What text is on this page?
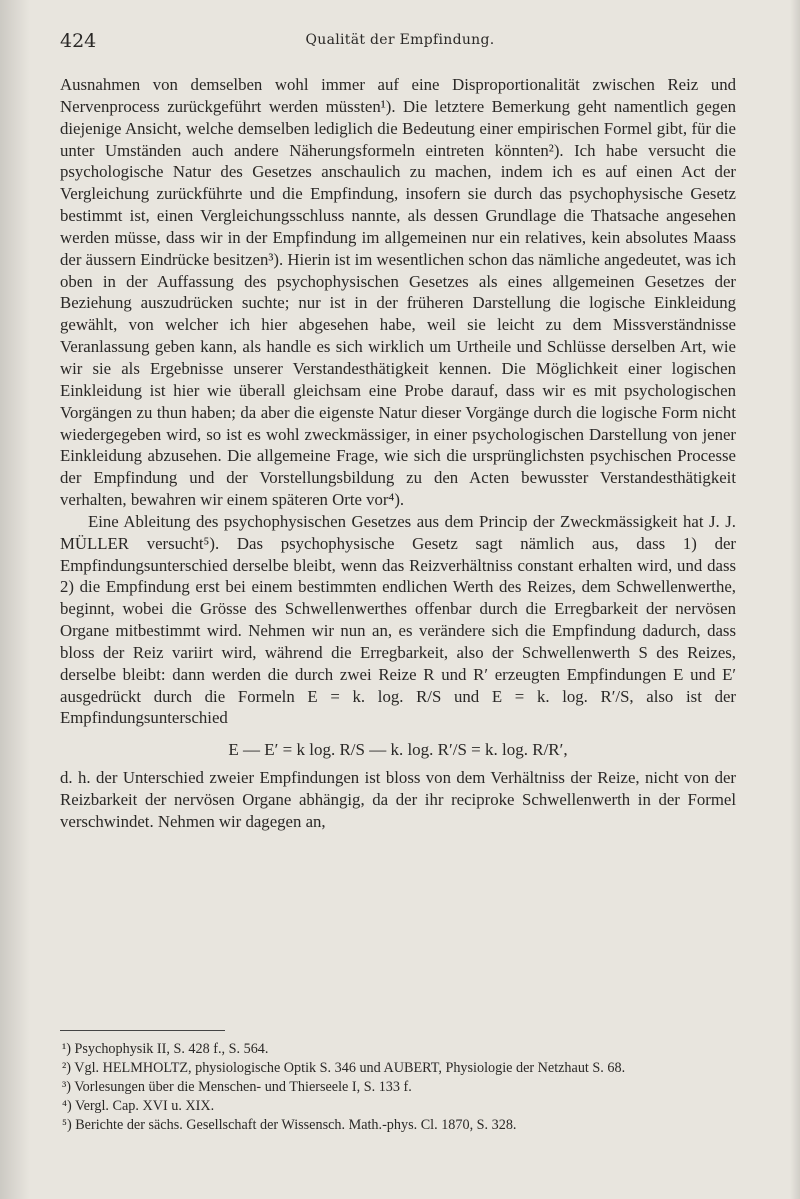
424	Qualität der Empfindung.

Ausnahmen von demselben wohl immer auf eine Disproportionalität zwischen Reiz und Nervenprocess zurückgeführt werden müssten¹). Die letztere Bemerkung geht namentlich gegen diejenige Ansicht, welche demselben lediglich die Bedeutung einer empirischen Formel gibt, für die unter Umständen auch andere Näherungsformeln eintreten könnten²). Ich habe versucht die psychologische Natur des Gesetzes anschaulich zu machen, indem ich es auf einen Act der Vergleichung zurückführte und die Empfindung, insofern sie durch das psychophysische Gesetz bestimmt ist, einen Vergleichungsschluss nannte, als dessen Grundlage die Thatsache angesehen werden müsse, dass wir in der Empfindung im allgemeinen nur ein relatives, kein absolutes Maass der äussern Eindrücke besitzen³). Hierin ist im wesentlichen schon das nämliche angedeutet, was ich oben in der Auffassung des psychophysischen Gesetzes als eines allgemeinen Gesetzes der Beziehung auszudrücken suchte; nur ist in der früheren Darstellung die logische Einkleidung gewählt, von welcher ich hier abgesehen habe, weil sie leicht zu dem Missverständnisse Veranlassung geben kann, als handle es sich wirklich um Urtheile und Schlüsse derselben Art, wie wir sie als Ergebnisse unserer Verstandesthätigkeit kennen. Die Möglichkeit einer logischen Einkleidung ist hier wie überall gleichsam eine Probe darauf, dass wir es mit psychologischen Vorgängen zu thun haben; da aber die eigenste Natur dieser Vorgänge durch die logische Form nicht wiedergegeben wird, so ist es wohl zweckmässiger, in einer psychologischen Darstellung von jener Einkleidung abzusehen. Die allgemeine Frage, wie sich die ursprünglichsten psychischen Processe der Empfindung und der Vorstellungsbildung zu den Acten bewusster Verstandesthätigkeit verhalten, bewahren wir einem späteren Orte vor⁴).

Eine Ableitung des psychophysischen Gesetzes aus dem Princip der Zweckmässigkeit hat J. J. MÜLLER versucht⁵). Das psychophysische Gesetz sagt nämlich aus, dass 1) der Empfindungsunterschied derselbe bleibt, wenn das Reizverhältniss constant erhalten wird, und dass 2) die Empfindung erst bei einem bestimmten endlichen Werth des Reizes, dem Schwellenwerthe, beginnt, wobei die Grösse des Schwellenwerthes offenbar durch die Erregbarkeit der nervösen Organe mitbestimmt wird. Nehmen wir nun an, es verändere sich die Empfindung dadurch, dass bloss der Reiz variirt wird, während die Erregbarkeit, also der Schwellenwerth S des Reizes, derselbe bleibt: dann werden die durch zwei Reize R und R′ erzeugten Empfindungen E und E′ ausgedrückt durch die Formeln E = k. log. R/S und E = k. log. R′/S, also ist der Empfindungsunterschied

E — E′ = k log. R/S — k. log. R′/S = k. log. R/R′,

d. h. der Unterschied zweier Empfindungen ist bloss von dem Verhältniss der Reize, nicht von der Reizbarkeit der nervösen Organe abhängig, da der ihr reciproke Schwellenwerth in der Formel verschwindet. Nehmen wir dagegen an,

¹) Psychophysik II, S. 428 f., S. 564.

²) Vgl. HELMHOLTZ, physiologische Optik S. 346 und AUBERT, Physiologie der Netzhaut S. 68.

³) Vorlesungen über die Menschen- und Thierseele I, S. 133 f.

⁴) Vergl. Cap. XVI u. XIX.

⁵) Berichte der sächs. Gesellschaft der Wissensch. Math.-phys. Cl. 1870, S. 328.
